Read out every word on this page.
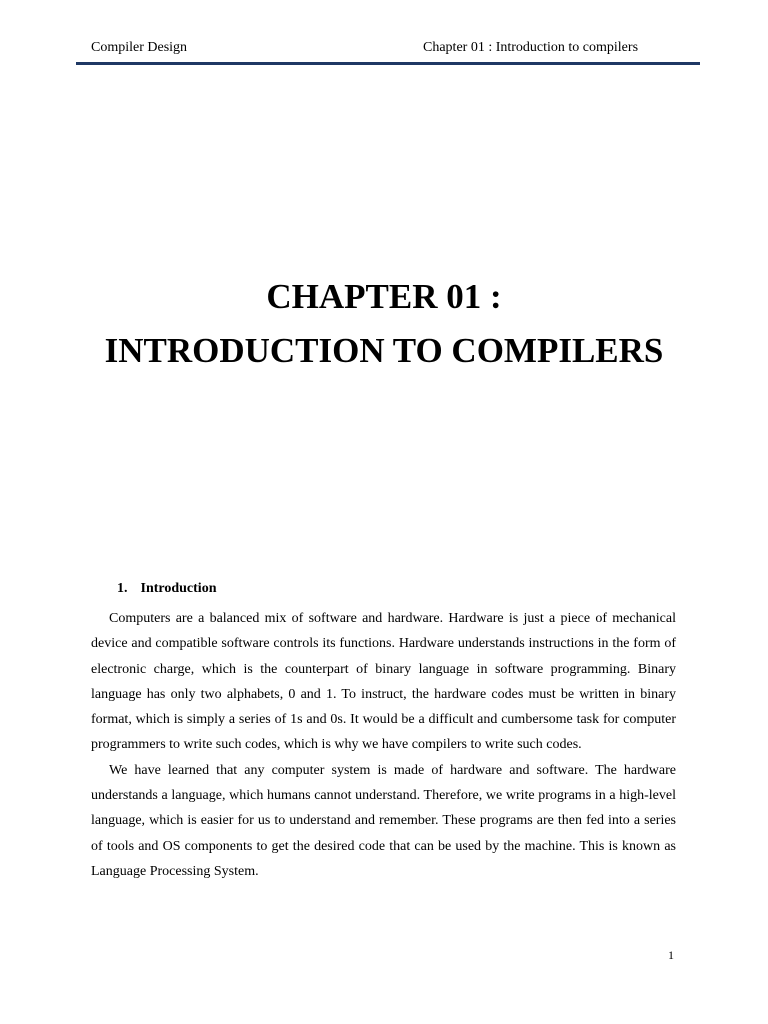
Compiler Design	Chapter 01 : Introduction to compilers
CHAPTER 01 :
INTRODUCTION TO COMPILERS
1. Introduction

Computers are a balanced mix of software and hardware. Hardware is just a piece of mechanical device and compatible software controls its functions. Hardware understands instructions in the form of electronic charge, which is the counterpart of binary language in software programming. Binary language has only two alphabets, 0 and 1. To instruct, the hardware codes must be written in binary format, which is simply a series of 1s and 0s. It would be a difficult and cumbersome task for computer programmers to write such codes, which is why we have compilers to write such codes.

We have learned that any computer system is made of hardware and software. The hardware understands a language, which humans cannot understand. Therefore, we write programs in a high-level language, which is easier for us to understand and remember. These programs are then fed into a series of tools and OS components to get the desired code that can be used by the machine. This is known as Language Processing System.

1
